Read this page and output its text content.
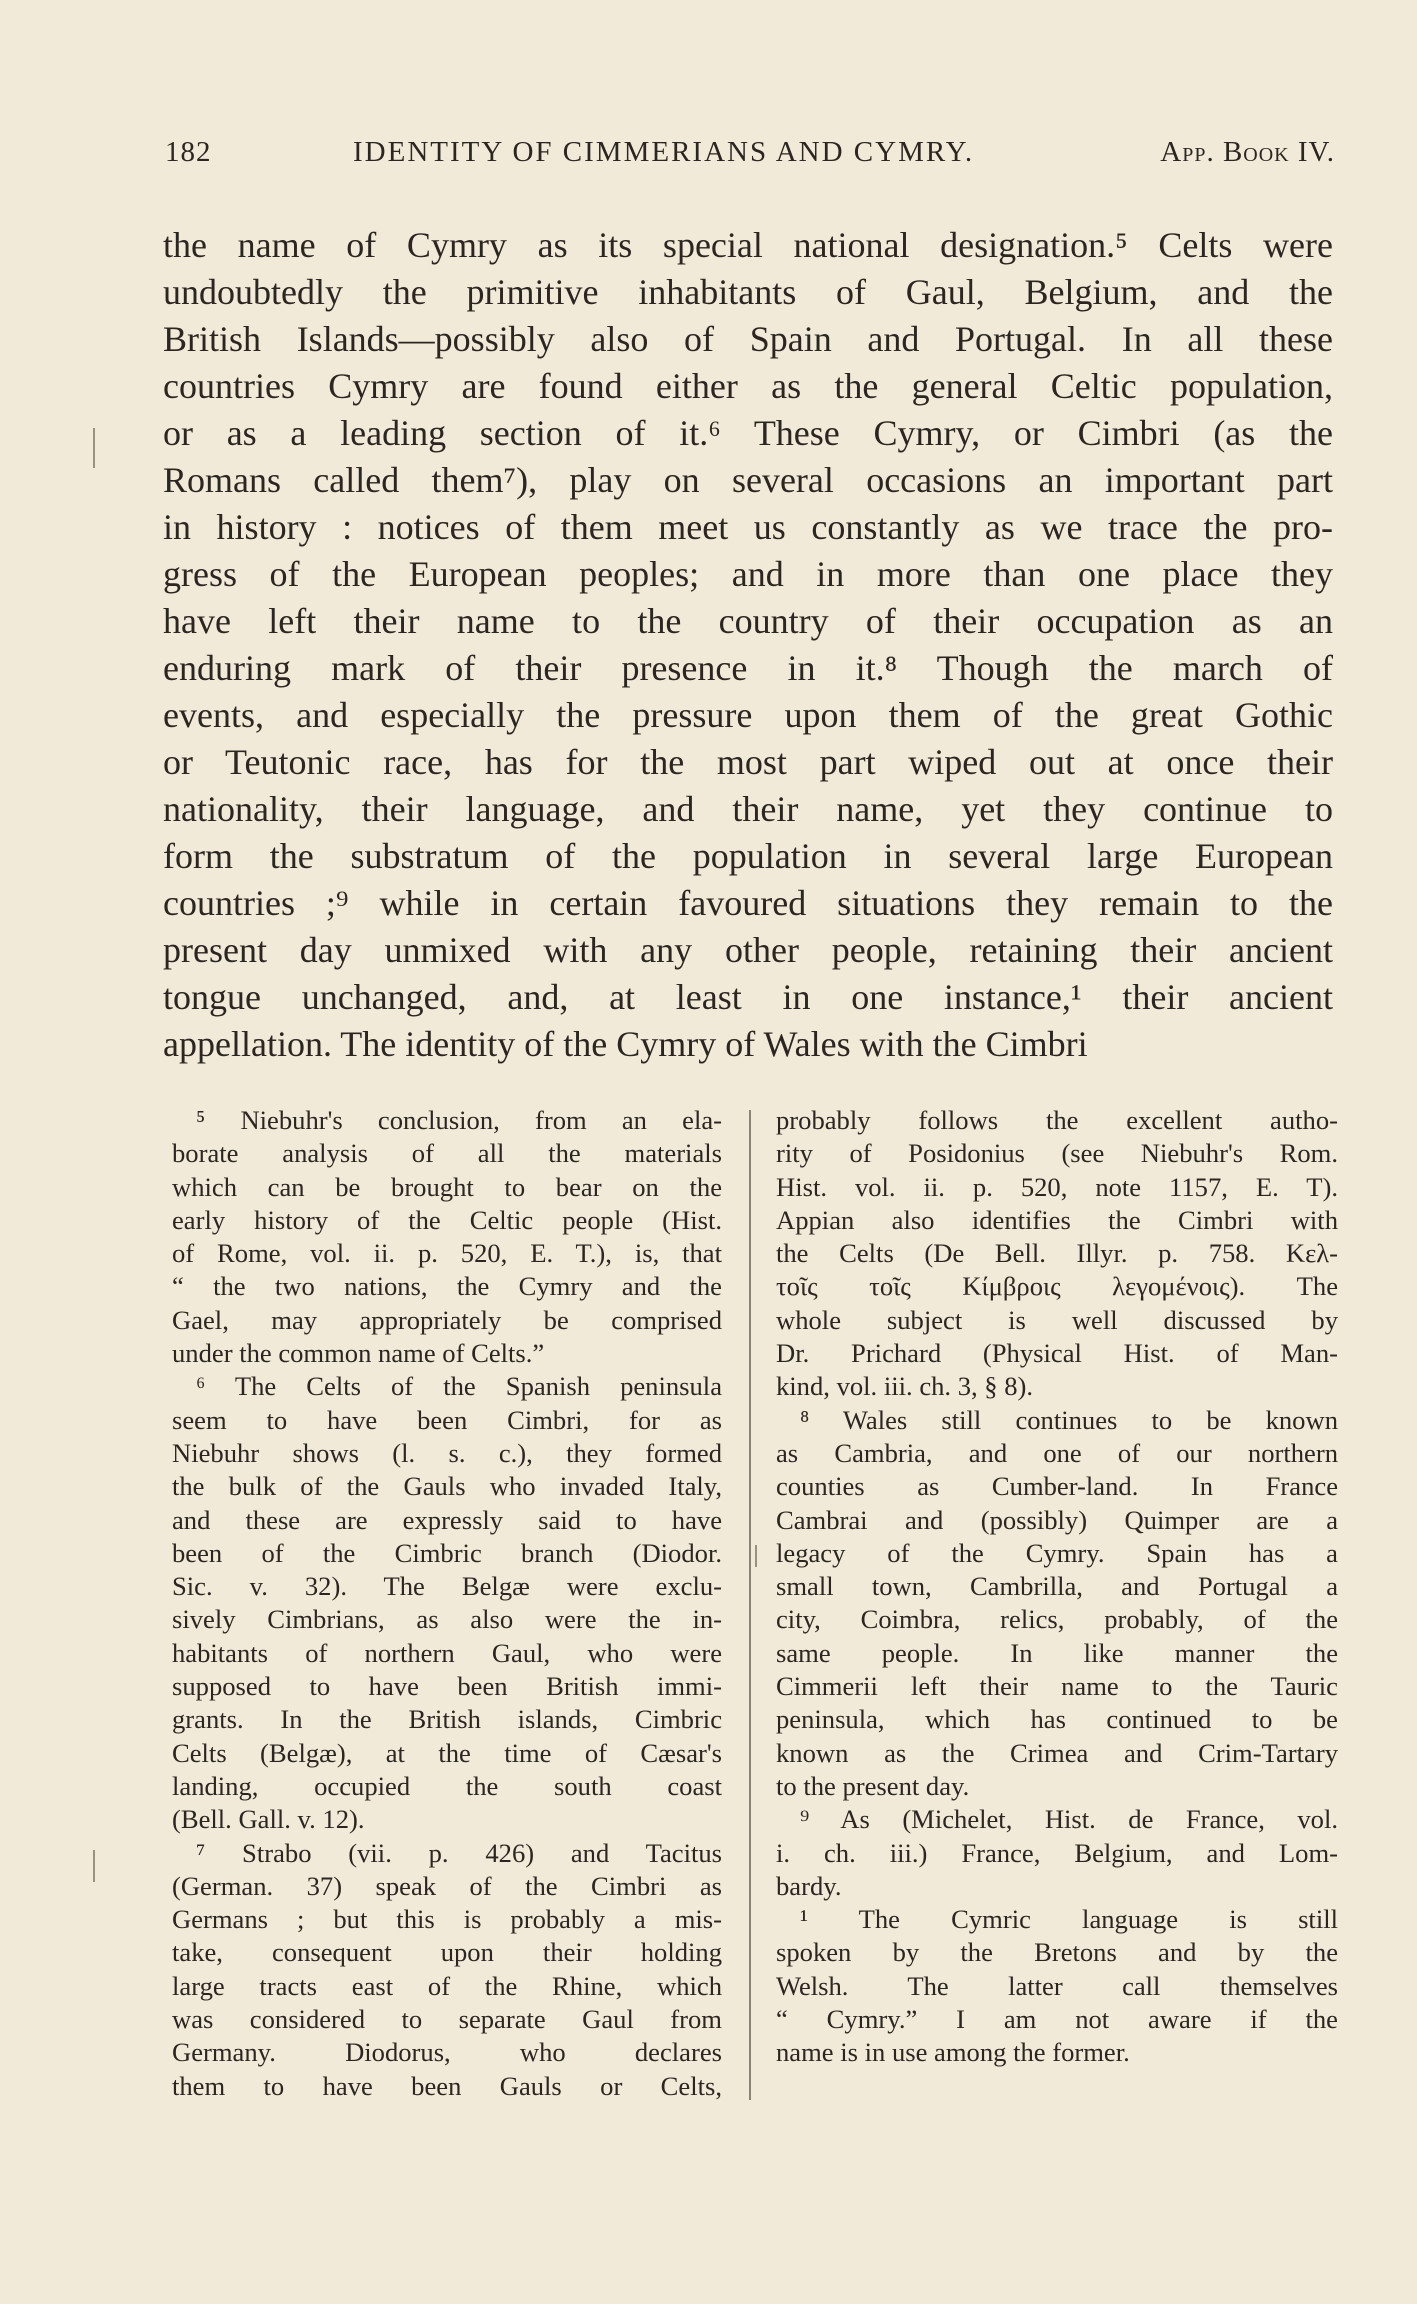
182	IDENTITY OF CIMMERIANS AND CYMRY.	App. Book IV.
the name of Cymry as its special national designation.⁵ Celts were
undoubtedly the primitive inhabitants of Gaul, Belgium, and the
British Islands—possibly also of Spain and Portugal. In all these
countries Cymry are found either as the general Celtic population,
or as a leading section of it.⁶ These Cymry, or Cimbri (as the
Romans called them⁷), play on several occasions an important part
in history : notices of them meet us constantly as we trace the pro-
gress of the European peoples; and in more than one place they
have left their name to the country of their occupation as an
enduring mark of their presence in it.⁸ Though the march of
events, and especially the pressure upon them of the great Gothic
or Teutonic race, has for the most part wiped out at once their
nationality, their language, and their name, yet they continue to
form the substratum of the population in several large European
countries ;⁹ while in certain favoured situations they remain to the
present day unmixed with any other people, retaining their ancient
tongue unchanged, and, at least in one instance,¹ their ancient
appellation. The identity of the Cymry of Wales with the Cimbri
⁵ Niebuhr's conclusion, from an ela-
borate analysis of all the materials
which can be brought to bear on the
early history of the Celtic people (Hist.
of Rome, vol. ii. p. 520, E. T.), is, that
“ the two nations, the Cymry and the
Gael, may appropriately be comprised
under the common name of Celts.”
⁶ The Celts of the Spanish peninsula
seem to have been Cimbri, for as
Niebuhr shows (l. s. c.), they formed
the bulk of the Gauls who invaded Italy,
and these are expressly said to have
been of the Cimbric branch (Diodor.
Sic. v. 32). The Belgæ were exclu-
sively Cimbrians, as also were the in-
habitants of northern Gaul, who were
supposed to have been British immi-
grants. In the British islands, Cimbric
Celts (Belgæ), at the time of Cæsar's
landing, occupied the south coast
(Bell. Gall. v. 12).
⁷ Strabo (vii. p. 426) and Tacitus
(German. 37) speak of the Cimbri as
Germans ; but this is probably a mis-
take, consequent upon their holding
large tracts east of the Rhine, which
was considered to separate Gaul from
Germany. Diodorus, who declares
them to have been Gauls or Celts,
probably follows the excellent autho-
rity of Posidonius (see Niebuhr's Rom.
Hist. vol. ii. p. 520, note 1157, E. T).
Appian also identifies the Cimbri with
the Celts (De Bell. Illyr. p. 758. Κελ-
τοῖς τοῖς Κίμβροις λεγομένοις). The
whole subject is well discussed by
Dr. Prichard (Physical Hist. of Man-
kind, vol. iii. ch. 3, § 8).
⁸ Wales still continues to be known
as Cambria, and one of our northern
counties as Cumber-land. In France
Cambrai and (possibly) Quimper are a
legacy of the Cymry. Spain has a
small town, Cambrilla, and Portugal a
city, Coimbra, relics, probably, of the
same people. In like manner the
Cimmerii left their name to the Tauric
peninsula, which has continued to be
known as the Crimea and Crim-Tartary
to the present day.
⁹ As (Michelet, Hist. de France, vol.
i. ch. iii.) France, Belgium, and Lom-
bardy.
¹ The Cymric language is still
spoken by the Bretons and by the
Welsh. The latter call themselves
“ Cymry.” I am not aware if the
name is in use among the former.
